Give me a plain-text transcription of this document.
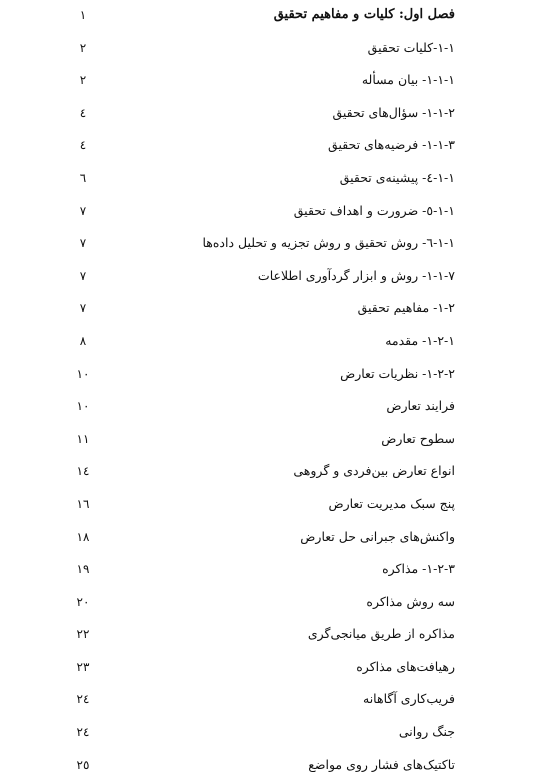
فصل اول: کلیات و مفاهیم تحقیق
۱
۱-۱-کلیات تحقیق
۲
۱-۱-۱- بیان مسأله
۲
۱-۱-۲- سؤال‌های تحقیق
٤
۱-۱-۳- فرضیه‌های تحقیق
٤
۱-۱-٤- پیشینه‌ی تحقیق
٦
۱-۱-٥- ضرورت و اهداف تحقیق
۷
۱-۱-٦- روش تحقیق و روش تجزیه و تحلیل داده‌ها
۷
۱-۱-۷- روش و ابزار گردآوری اطلاعات
۷
۱-۲- مفاهیم تحقیق
۷
۱-۲-۱- مقدمه
۸
۱-۲-۲- نظریات تعارض
۱۰
فرایند تعارض
۱۰
سطوح تعارض
۱۱
انواع تعارض بین‌فردی و گروهی
۱٤
پنج سبک مدیریت تعارض
۱٦
واکنش‌های جبرانی حل تعارض
۱۸
۱-۲-۳- مذاکره
۱۹
سه روش مذاکره
۲۰
مذاکره از طریق میانجی‌گری
۲۲
رهیافت‌های مذاکره
۲۳
فریب‌کاری آگاهانه
۲٤
جنگ روانی
۲٤
تاکتیک‌های فشار روی مواضع
۲٥
